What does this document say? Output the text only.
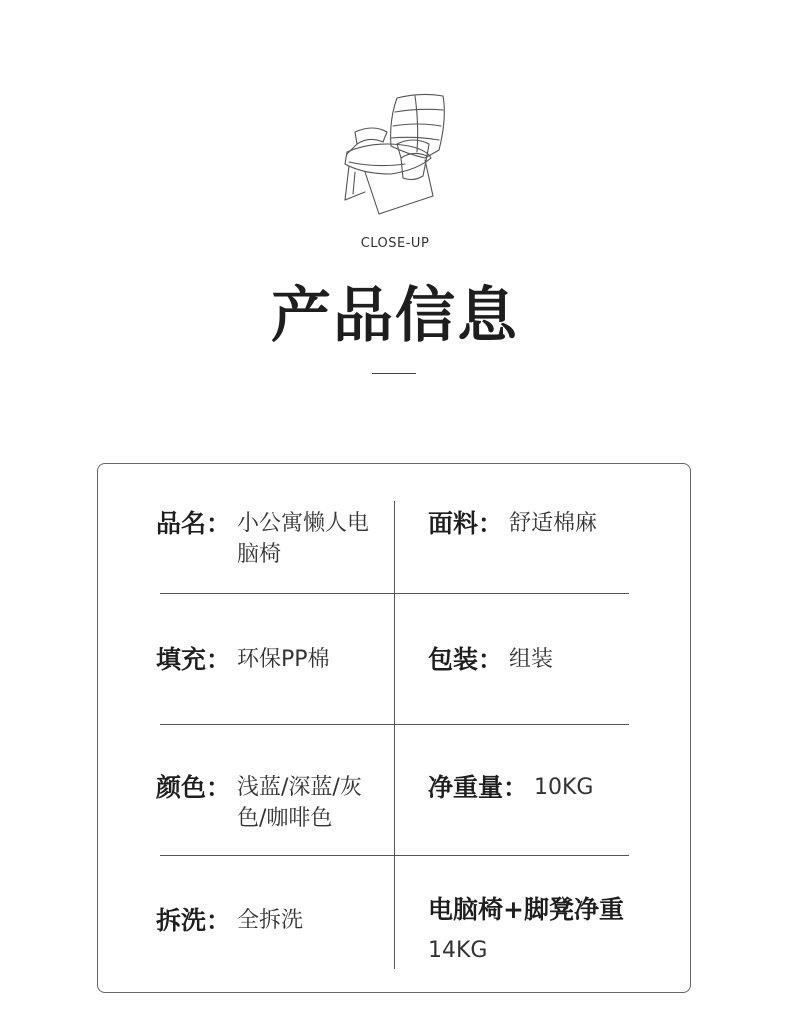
CLOSE-UP
产品信息
品名： 小公寓懒人电脑椅
面料： 舒适棉麻
填充： 环保PP棉	包装： 组装
颜色： 浅蓝/深蓝/灰色/咖啡色
净重量： 10KG
拆洗： 全拆洗	电脑椅+脚凳净重
14KG
